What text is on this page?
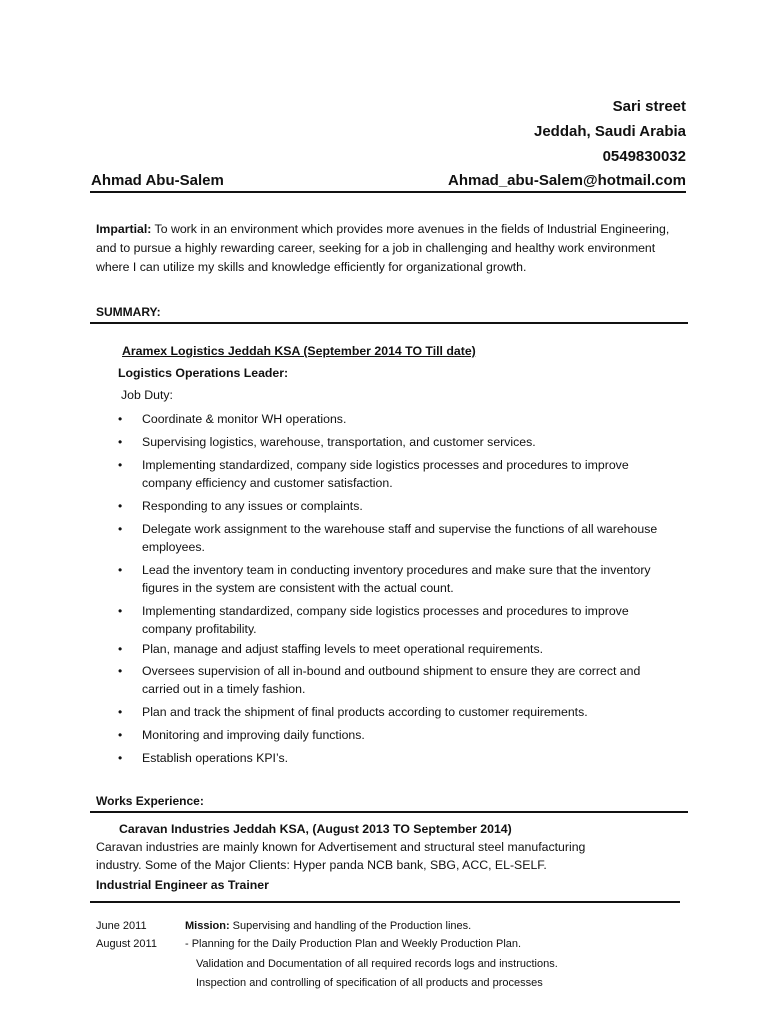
Sari street
Jeddah, Saudi Arabia
0549830032
Ahmad Abu-Salem	Ahmad_abu-Salem@hotmail.com
Impartial: To work in an environment which provides more avenues in the fields of Industrial Engineering, and to pursue a highly rewarding career, seeking for a job in challenging and healthy work environment where I can utilize my skills and knowledge efficiently for organizational growth.
SUMMARY:
Aramex Logistics Jeddah KSA (September 2014 TO Till date)
Logistics Operations Leader:
Job Duty:
• Coordinate & monitor WH operations.
• Supervising logistics, warehouse, transportation, and customer services.
• Implementing standardized, company side logistics processes and procedures to improve company efficiency and customer satisfaction.
• Responding to any issues or complaints.
• Delegate work assignment to the warehouse staff and supervise the functions of all warehouse employees.
• Lead the inventory team in conducting inventory procedures and make sure that the inventory figures in the system are consistent with the actual count.
• Implementing standardized, company side logistics processes and procedures to improve company profitability.
• Plan, manage and adjust staffing levels to meet operational requirements.
• Oversees supervision of all in-bound and outbound shipment to ensure they are correct and carried out in a timely fashion.
• Plan and track the shipment of final products according to customer requirements.
• Monitoring and improving daily functions.
• Establish operations KPI’s.
Works Experience:
Caravan Industries Jeddah KSA, (August 2013 TO September 2014)
Caravan industries are mainly known for Advertisement and structural steel manufacturing industry. Some of the Major Clients: Hyper panda NCB bank, SBG, ACC, EL-SELF.
Industrial Engineer as Trainer
June 2011
August 2011
Mission: Supervising and handling of the Production lines.
- Planning for the Daily Production Plan and Weekly Production Plan.
Validation and Documentation of all required records logs and instructions.
Inspection and controlling of specification of all products and processes
